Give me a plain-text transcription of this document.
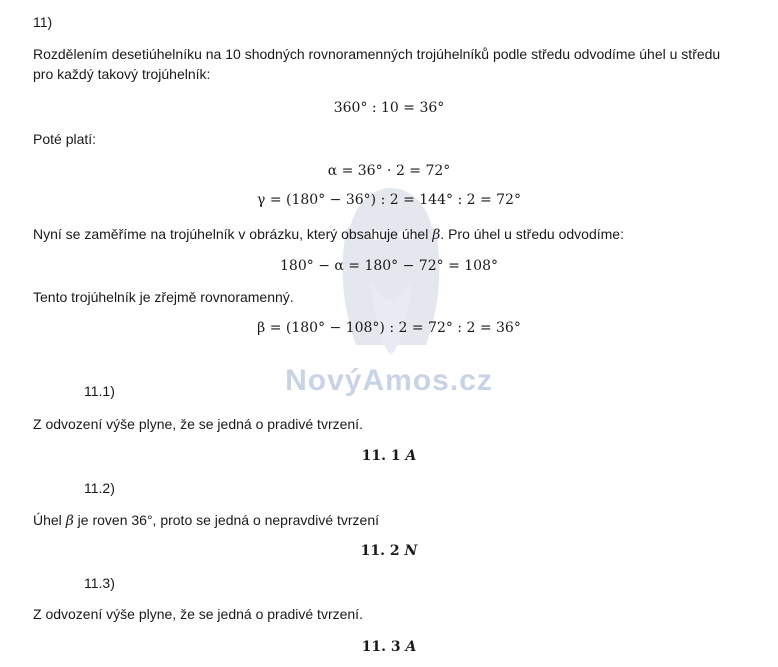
NovýAmos.cz
11)
Rozdělením desetiúhelníku na 10 shodných rovnoramenných trojúhelníků podle středu odvodíme úhel u středu
pro každý takový trojúhelník:
360° : 10 = 36°
Poté platí:
α = 36° · 2 = 72°
γ = (180° − 36°) : 2 = 144° : 2 = 72°
Nyní se zaměříme na trojúhelník v obrázku, který obsahuje úhel β. Pro úhel u středu odvodíme:
180° − α = 180° − 72° = 108°
Tento trojúhelník je zřejmě rovnoramenný.
β = (180° − 108°) : 2 = 72° : 2 = 36°
11.1)
Z odvození výše plyne, že se jedná o pradivé tvrzení.
11. 1 A
11.2)
Úhel β je roven 36°, proto se jedná o nepravdivé tvrzení
11. 2 N
11.3)
Z odvození výše plyne, že se jedná o pradivé tvrzení.
11. 3 A
